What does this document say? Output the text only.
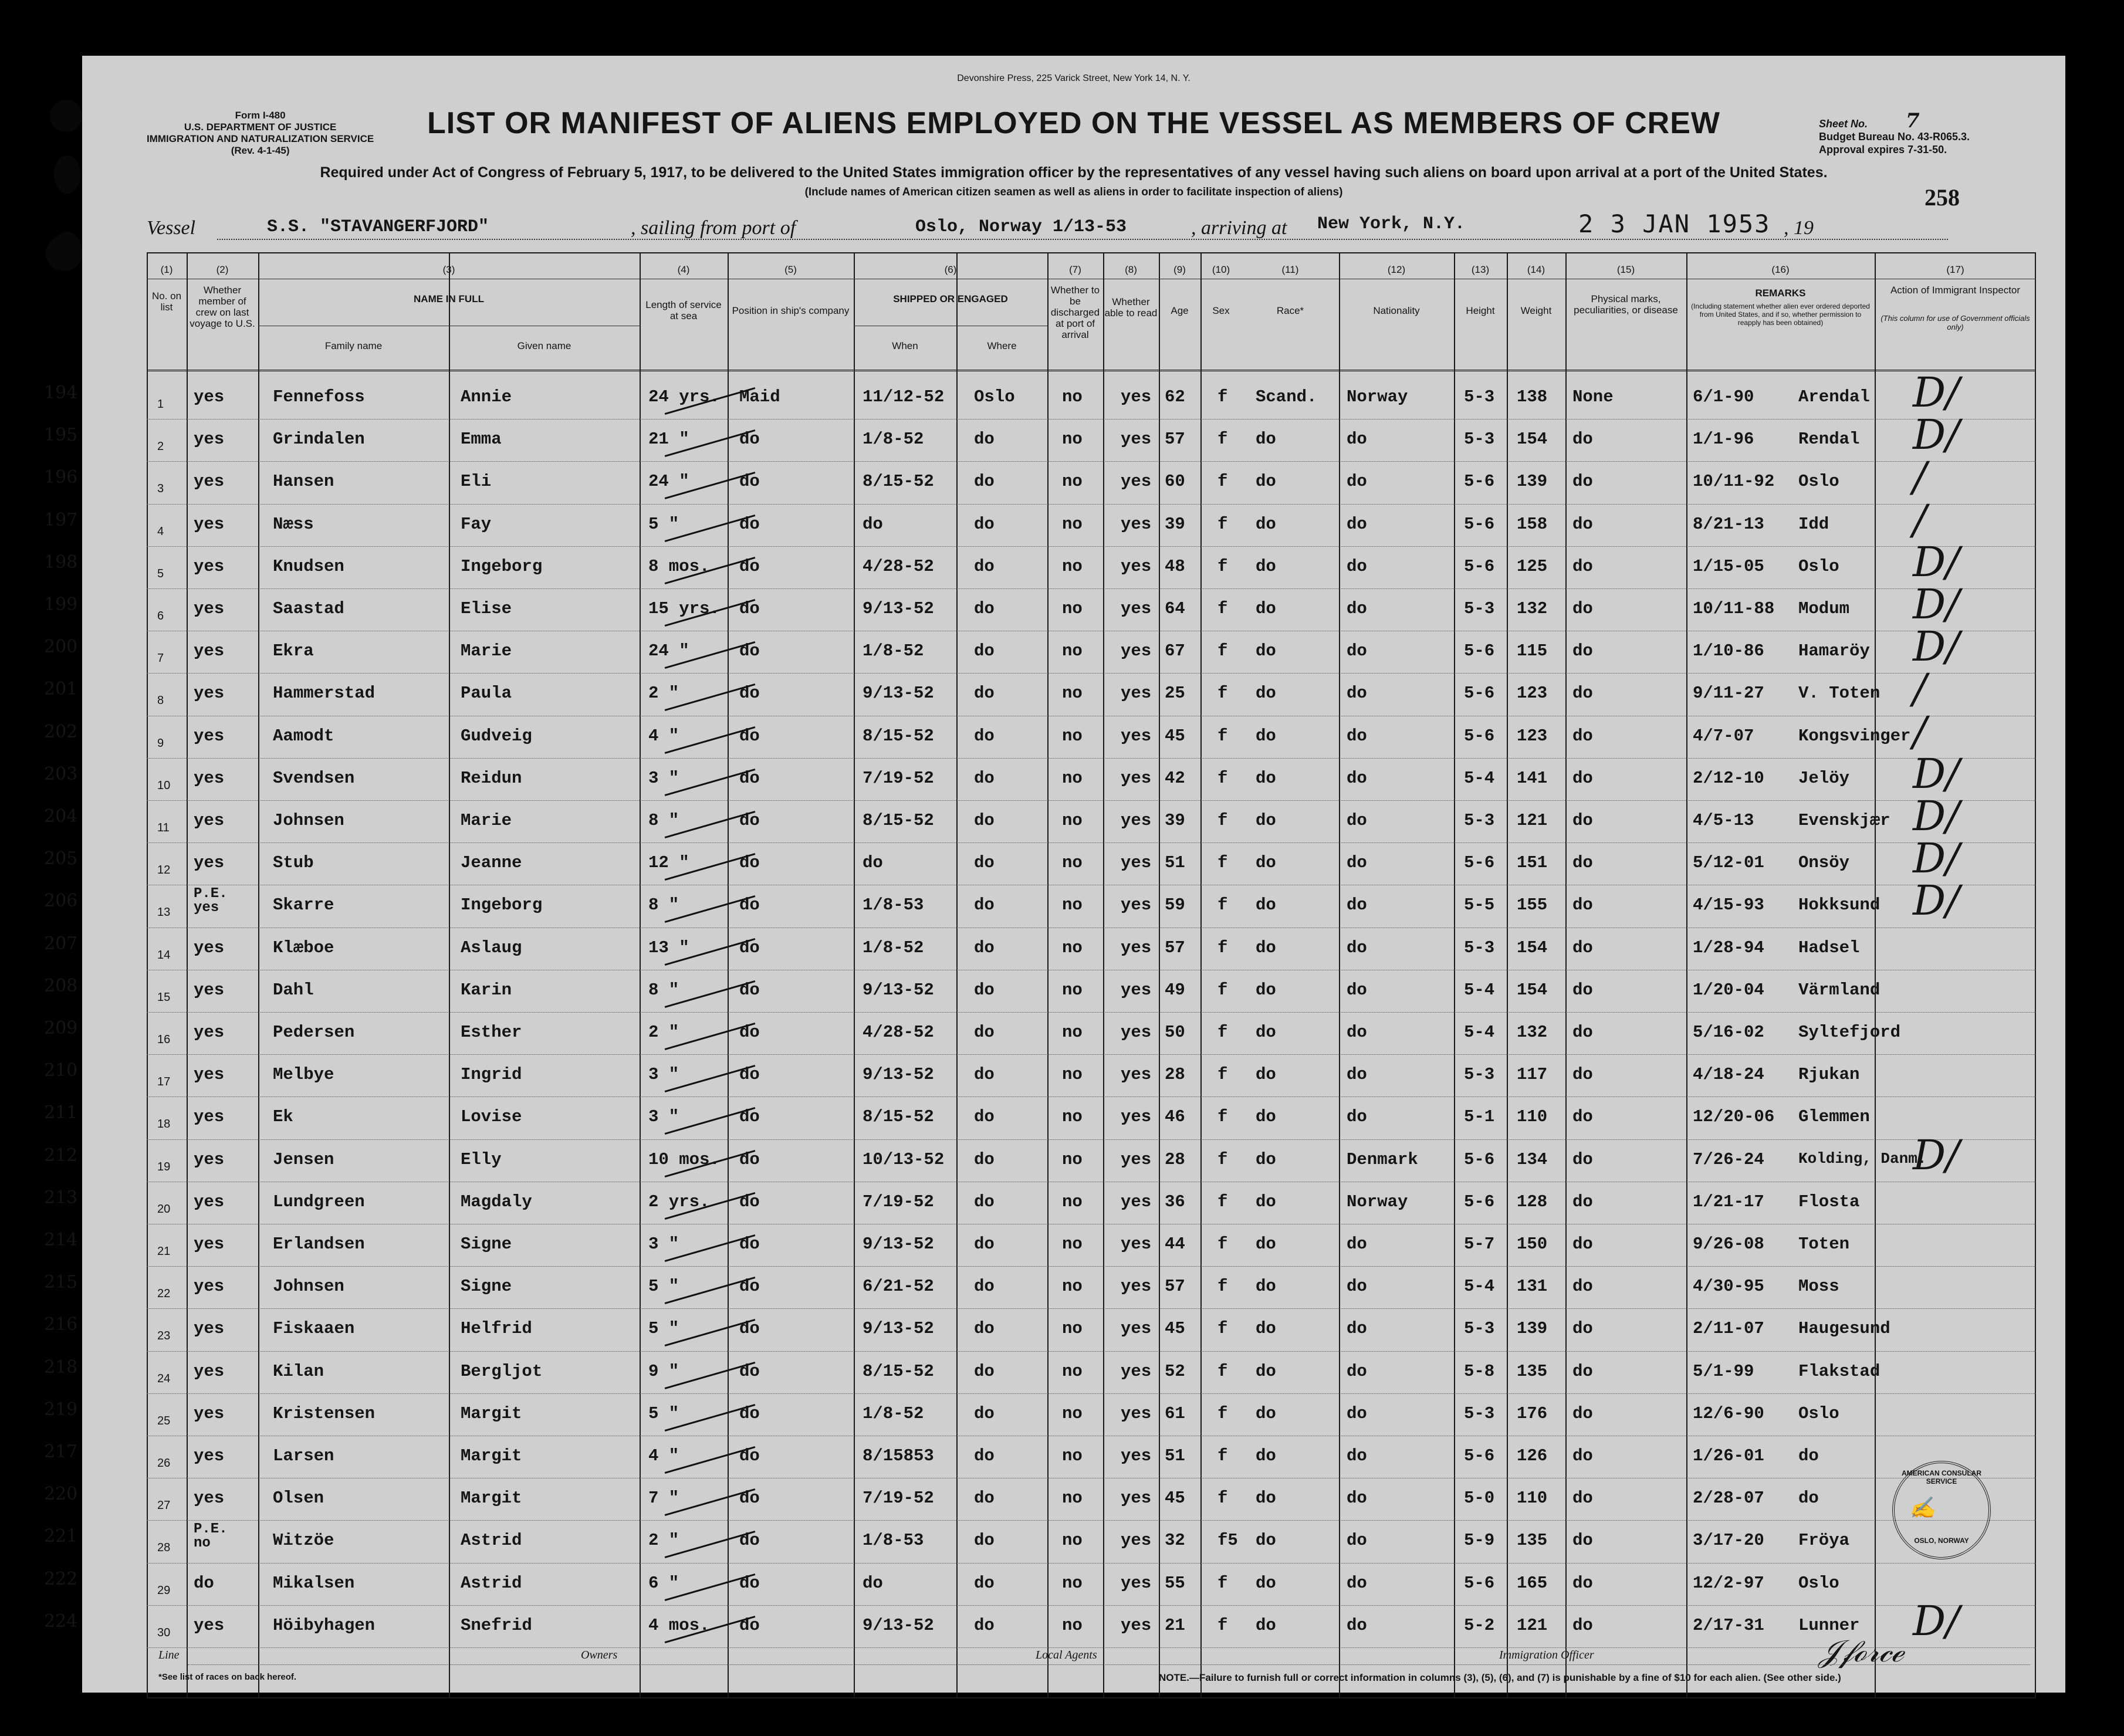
Devonshire Press, 225 Varick Street, New York 14, N. Y.
Form I-480
U.S. DEPARTMENT OF JUSTICE
IMMIGRATION AND NATURALIZATION SERVICE
(Rev. 4-1-45)
LIST OR MANIFEST OF ALIENS EMPLOYED ON THE VESSEL AS MEMBERS OF CREW	Sheet No. 7
Budget Bureau No. 43-R065.3.
Approval expires 7-31-50.
Required under Act of Congress of February 5, 1917, to be delivered to the United States immigration officer by the representatives of any vessel having such aliens on board upon arrival at a port of the United States.
(Include names of American citizen seamen as well as aliens in order to facilitate inspection of aliens)	258
Vessel	S.S. "STAVANGERFJORD"	, sailing from port of	Oslo, Norway 1/13-53	, arriving at New York, N.Y.	2 3 JAN 1953 , 19
(1)	(2)	(3)	(4)	(5)	(6)	(7)	(8)	(9)	(10)	(11)	(12)	(13)	(14)	(15)	(16)	(17)
No. on list
Whether member of crew on last voyage to U.S.
NAME IN FULL
Family name	Given name
Length of service at sea	Position in ship's company
SHIPPED OR ENGAGED
When	Where
Whether to be discharged at port of arrival
Whether able to read	Age	Sex	Race*	Nationality	Height	Weight
Physical marks, peculiarities, or disease
REMARKS
(Including statement whether alien ever ordered deported from United States, and if so, whether permission to reapply has been obtained)
Action of Immigrant Inspector
(This column for use of Government officials only)
194
1 yes	Fennefoss	Annie	24 yrs. Maid	11/12-52 Oslo	no yes 62 f Scand. Norway	5-3 138 None	6/1-90	Arendal D/
195
2 yes	Grindalen	Emma	21 "	do	1/8-52	do	no yes 57 f do	do	5-3 154 do	1/1-96	Rendal D/
196
3 yes	Hansen	Eli	24 "	do	8/15-52 do	no yes 60 f do	do	5-6 139 do	10/11-92 Oslo /
197
4 yes	Næss	Fay	5 "	do	do	do	no yes 39 f do	do	5-6 158 do	8/21-13 Idd /
198
5 yes	Knudsen	Ingeborg	8 mos. do	4/28-52 do	no yes 48 f do	do	5-6 125 do	1/15-05 Oslo D/
199
6 yes	Saastad	Elise	15 yrs. do	9/13-52 do	no yes 64 f do	do	5-3 132 do	10/11-88 Modum D/
200
7 yes	Ekra	Marie	24 "	do	1/8-52	do	no yes 67 f do	do	5-6 115 do	1/10-86 Hamaröy D/
201
8 yes	Hammerstad	Paula	2 "	do	9/13-52 do	no yes 25 f do	do	5-6 123 do	9/11-27 V. Toten /
202
9 yes	Aamodt	Gudveig	4 "	do	8/15-52 do	no yes 45 f do	do	5-6 123 do	4/7-07	Kongsvinger /
203
10 yes	Svendsen	Reidun	3 "	do	7/19-52 do	no yes 42 f do	do	5-4 141 do	2/12-10 Jelöy D/
204
11 yes	Johnsen	Marie	8 "	do	8/15-52 do	no yes 39 f do	do	5-3 121 do	4/5-13	Evenskjær D/
205
12 yes	Stub	Jeanne	12 "	do	do	do	no yes 51 f do	do	5-6 151 do	5/12-01 Onsöy D/
206
13
P.E. yes	Skarre	Ingeborg	8 "	do	1/8-53	do	no yes 59 f do	do	5-5 155 do	4/15-93 Hokksund D/
207
14 yes	Klæboe	Aslaug	13 "	do	1/8-52	do	no yes 57 f do	do	5-3 154 do	1/28-94 Hadsel
208
15 yes	Dahl	Karin	8 "	do	9/13-52 do	no yes 49 f do	do	5-4 154 do	1/20-04 Värmland
209
16 yes	Pedersen	Esther	2 "	do	4/28-52 do	no yes 50 f do	do	5-4 132 do	5/16-02 Syltefjord
210
17 yes	Melbye	Ingrid	3 "	do	9/13-52 do	no yes 28 f do	do	5-3 117 do	4/18-24 Rjukan
211
18 yes	Ek	Lovise	3 "	do	8/15-52 do	no yes 46 f do	do	5-1 110 do	12/20-06 Glemmen
212
19 yes	Jensen	Elly	10 mos. do	10/13-52 do	no yes 28 f do	Denmark	5-6 134 do	7/26-24 Kolding, Danm.
D/
213
20 yes	Lundgreen	Magdaly	2 yrs. do	7/19-52 do	no yes 36 f do	Norway	5-6 128 do	1/21-17 Flosta
214
21 yes	Erlandsen	Signe	3 "	do	9/13-52 do	no yes 44 f do	do	5-7 150 do	9/26-08 Toten
215
22 yes	Johnsen	Signe	5 "	do	6/21-52 do	no yes 57 f do	do	5-4 131 do	4/30-95 Moss
216
23 yes	Fiskaaen	Helfrid	5 "	do	9/13-52 do	no yes 45 f do	do	5-3 139 do	2/11-07 Haugesund
218
24 yes	Kilan	Bergljot	9 "	do	8/15-52 do	no yes 52 f do	do	5-8 135 do	5/1-99	Flakstad
219
25 yes	Kristensen	Margit	5 "	do	1/8-52	do	no yes 61 f do	do	5-3 176 do	12/6-90 Oslo
217
26 yes	Larsen	Margit	4 "	do	8/15853 do	no yes 51 f do	do	5-6 126 do	1/26-01 do
220
27 yes	Olsen	Margit	7 "	do	7/19-52 do	no yes 45 f do	do	5-0 110 do	2/28-07 do
221
28
P.E. no	Witzöe	Astrid	2 "	do	1/8-53	do	no yes 32 f5 do	do	5-9 135 do	3/17-20 Fröya
222
29 do	Mikalsen	Astrid	6 "	do	do	do	no yes 55 f do	do	5-6 165 do	12/2-97 Oslo
224
30 yes	Höibyhagen	Snefrid	4 mos. do	9/13-52 do	no yes 21 f do	do	5-2 121 do	2/17-31 Lunner D/
AMERICAN CONSULAR SERVICE
✍
OSLO, NORWAY
Line	Owners	Local Agents	Immigration Officer	𝒥𝒻ℴ𝓇𝒸ℯ
*See list of races on back hereof.	NOTE.—Failure to furnish full or correct information in columns (3), (5), (6), and (7) is punishable by a fine of $10 for each alien. (See other side.)
